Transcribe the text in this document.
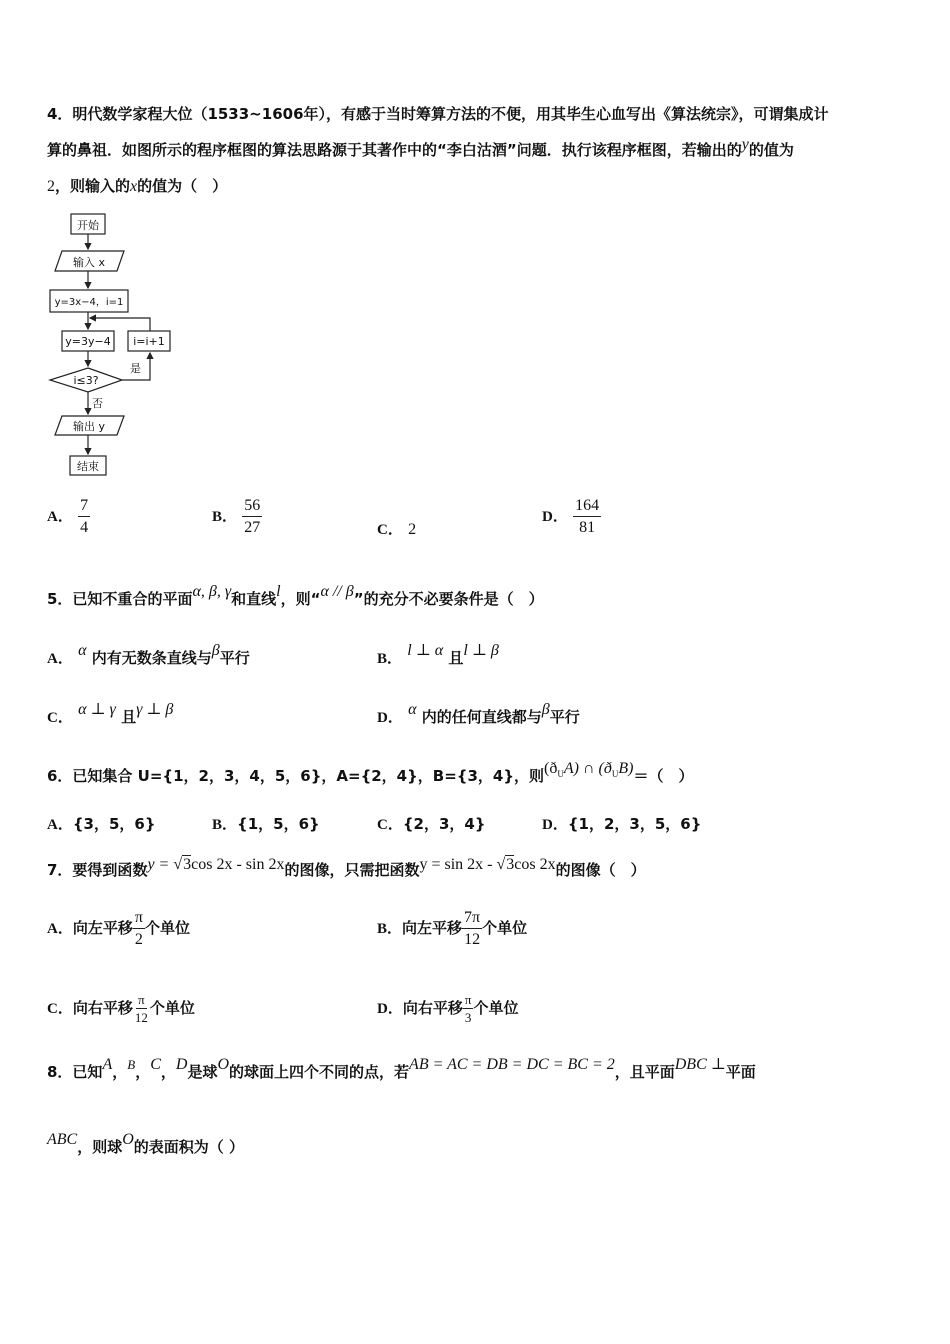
4．明代数学家程大位（1533~1606年），有感于当时筹算方法的不便，用其毕生心血写出《算法统宗》，可谓集成计
算的鼻祖．如图所示的程序框图的算法思路源于其著作中的“李白沽酒”问题．执行该程序框图，若输出的y的值为
2，则输入的x的值为（　）
开始
输入 x
y=3x−4，i=1
y=3y−4 i=i+1
i≤3?
是
否
输出 y
结束
A． $\frac{7}{4}$	B． $\frac{56}{27}$	C． 2
D． $\frac{164}{81}$
5．已知不重合的平面α, β, γ和直线l，则“α // β”的充分不必要条件是（　）
A． α 内有无数条直线与β平行	B． l ⊥ α 且l ⊥ β
C． α ⊥ γ 且γ ⊥ β	D． α 内的任何直线都与β平行
6．已知集合 U={1，2，3，4，5，6}，A={2，4}，B={3，4}，则$(ð_UA)$ ∩ $(ð_UB)=$（　）
A．{3，5，6}	B．{1，5，6}	C．{2，3，4}	D．{1，2，3，5，6}
7．要得到函数y = √3cos 2x - sin 2x的图像，只需把函数y = sin 2x - √3cos 2x的图像（　）
A．向左平移 $\frac{\pi}{2}$ 个单位	B．向左平移 $\frac{7\pi}{12}$ 个单位
C．向右平移 $\frac{\pi}{12}$ 个单位	D．向右平移 $\frac{\pi}{3}$ 个单位
8．已知A，B，C，D是球O的球面上四个不同的点，若AB = AC = DB = DC = BC = 2，且平面DBC ⊥平面
ABC，则球O的表面积为（ ）
